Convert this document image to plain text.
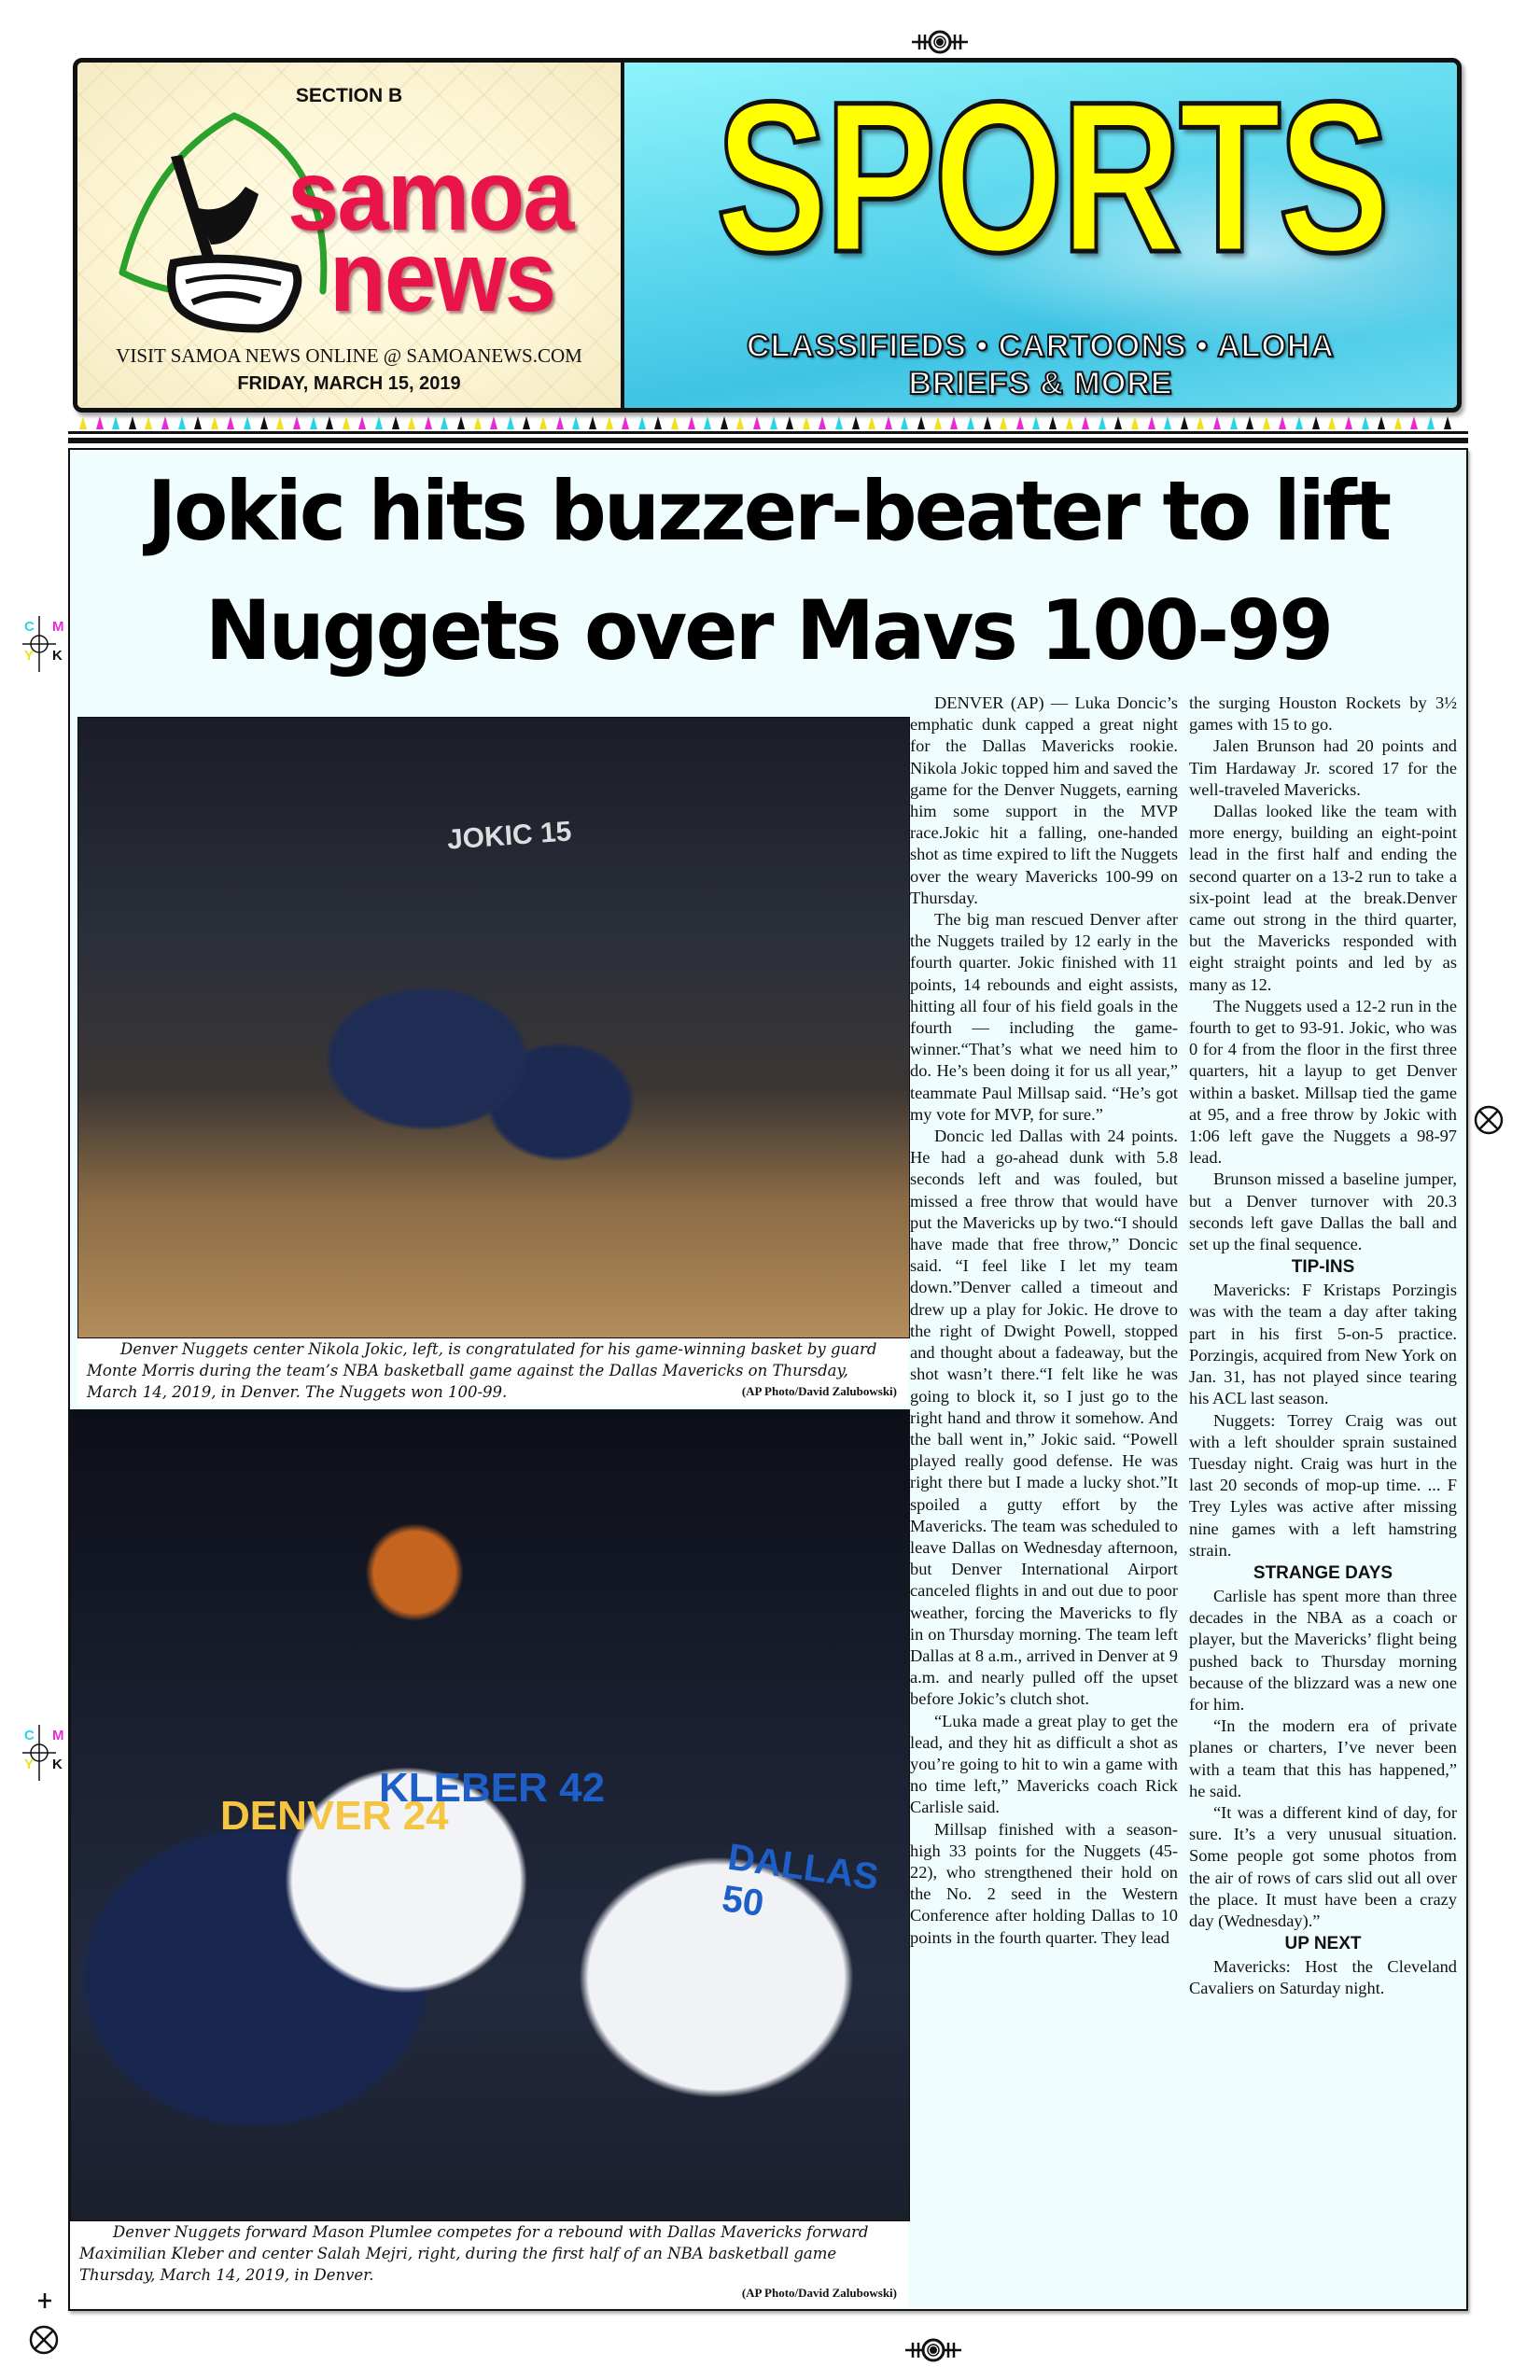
C M
Y K
C M
Y K
SECTION B
samoa
news
VISIT SAMOA NEWS ONLINE @ SAMOANEWS.COM
FRIDAY, MARCH 15, 2019
SPORTS
CLASSIFIEDS • CARTOONS • ALOHA
BRIEFS & MORE
Jokic hits buzzer-beater to lift
Nuggets over Mavs 100-99
JOKIC 15

Denver Nuggets center Nikola Jokic, left, is congratulated for his game-winning basket by guard Monte Morris during the team’s NBA basketball game against the Dallas Mavericks on Thursday, March 14, 2019, in Denver. The Nuggets won 100-99.	(AP Photo/David Zalubowski)
DENVER 24
KLEBER 42
DALLAS 50

Denver Nuggets forward Mason Plumlee competes for a rebound with Dallas Mavericks forward Maximilian Kleber and center Salah Mejri, right, during the first half of an NBA basketball game Thursday, March 14, 2019, in Denver.

(AP Photo/David Zalubowski)

DENVER (AP) — Luka Doncic’s emphatic dunk capped a great night for the Dallas Mavericks rookie. Nikola Jokic topped him and saved the game for the Denver Nuggets, earning him some support in the MVP race.Jokic hit a falling, one-handed shot as time expired to lift the Nuggets over the weary Mavericks 100-99 on Thursday.

The big man rescued Denver after the Nuggets trailed by 12 early in the fourth quarter. Jokic finished with 11 points, 14 rebounds and eight assists, hitting all four of his field goals in the fourth — including the game-winner.“That’s what we need him to do. He’s been doing it for us all year,” teammate Paul Millsap said. “He’s got my vote for MVP, for sure.”

Doncic led Dallas with 24 points. He had a go-ahead dunk with 5.8 seconds left and was fouled, but missed a free throw that would have put the Mavericks up by two.“I should have made that free throw,” Doncic said. “I feel like I let my team down.”Denver called a timeout and drew up a play for Jokic. He drove to the right of Dwight Powell, stopped and thought about a fadeaway, but the shot wasn’t there.“I felt like he was going to block it, so I just go to the right hand and throw it somehow. And the ball went in,” Jokic said. “Powell played really good defense. He was right there but I made a lucky shot.”It spoiled a gutty effort by the Mavericks. The team was scheduled to leave Dallas on Wednesday afternoon, but Denver International Airport canceled flights in and out due to poor weather, forcing the Mavericks to fly in on Thursday morning. The team left Dallas at 8 a.m., arrived in Denver at 9 a.m. and nearly pulled off the upset before Jokic’s clutch shot.

“Luka made a great play to get the lead, and they hit as difficult a shot as you’re going to hit to win a game with no time left,” Mavericks coach Rick Carlisle said.

Millsap finished with a season-high 33 points for the Nuggets (45-22), who strengthened their hold on the No. 2 seed in the Western Conference after holding Dallas to 10 points in the fourth quarter. They lead

the surging Houston Rockets by 3½ games with 15 to go.

Jalen Brunson had 20 points and Tim Hardaway Jr. scored 17 for the well-traveled Mavericks.

Dallas looked like the team with more energy, building an eight-point lead in the first half and ending the second quarter on a 13-2 run to take a six-point lead at the break.Denver came out strong in the third quarter, but the Mavericks responded with eight straight points and led by as many as 12.

The Nuggets used a 12-2 run in the fourth to get to 93-91. Jokic, who was 0 for 4 from the floor in the first three quarters, hit a layup to get Denver within a basket. Millsap tied the game at 95, and a free throw by Jokic with 1:06 left gave the Nuggets a 98-97 lead.

Brunson missed a baseline jumper, but a Denver turnover with 20.3 seconds left gave Dallas the ball and set up the final sequence.

TIP-INS

Mavericks: F Kristaps Porzingis was with the team a day after taking part in his first 5-on-5 practice. Porzingis, acquired from New York on Jan. 31, has not played since tearing his ACL last season.

Nuggets: Torrey Craig was out with a left shoulder sprain sustained Tuesday night. Craig was hurt in the last 20 seconds of mop-up time. ... F Trey Lyles was active after missing nine games with a left hamstring strain.

STRANGE DAYS

Carlisle has spent more than three decades in the NBA as a coach or player, but the Mavericks’ flight being pushed back to Thursday morning because of the blizzard was a new one for him.

“In the modern era of private planes or charters, I’ve never been with a team that this has happened,” he said.

“It was a different kind of day, for sure. It’s a very unusual situation. Some people got some photos from the air of rows of cars slid out all over the place. It must have been a crazy day (Wednesday).”

UP NEXT

Mavericks: Host the Cleveland Cavaliers on Saturday night.
